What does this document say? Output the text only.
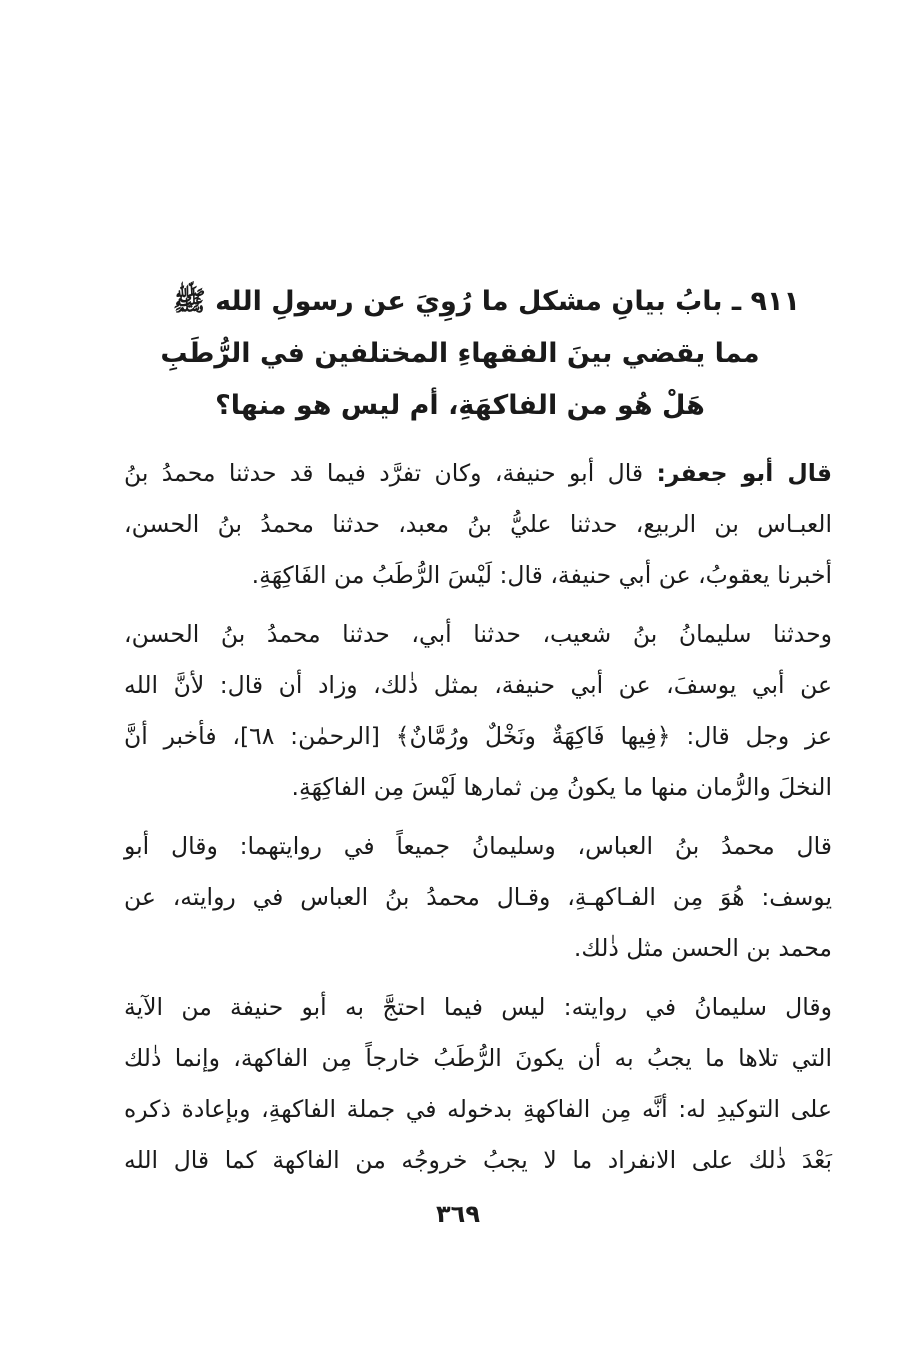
٩١١ ـ بابُ بيانِ مشكل ما رُوِيَ عن رسولِ الله ﷺ
مما يقضي بينَ الفقهاءِ المختلفين في الرُّطَبِ
هَلْ هُو من الفاكهَةِ، أم ليس هو منها؟
قال أبو جعفر: قال أبو حنيفة، وكان تفرَّد فيما قد حدثنا محمدُ بنُ
العبـاس بن الربيع، حدثنا عليُّ بنُ معبد، حدثنا محمدُ بنُ الحسن،
أخبرنا يعقوبُ، عن أبي حنيفة، قال: لَيْسَ الرُّطَبُ من الفَاكِهَةِ.
وحدثنا سليمانُ بنُ شعيب، حدثنا أبي، حدثنا محمدُ بنُ الحسن،
عن أبي يوسفَ، عن أبي حنيفة، بمثل ذٰلك، وزاد أن قال: لأنَّ الله
عز وجل قال: ﴿فِيها فَاكِهَةٌ ونَخْلٌ ورُمَّانٌ﴾ [الرحمٰن: ٦٨]، فأخبر أنَّ
النخلَ والرُّمان منها ما يكونُ مِن ثمارها لَيْسَ مِن الفاكِهَةِ.
قال محمدُ بنُ العباس، وسليمانُ جميعاً في روايتهما: وقال أبو
يوسف: هُوَ مِن الفـاكهـةِ، وقـال محمدُ بنُ العباس في روايته، عن
محمد بن الحسن مثل ذٰلك.
وقال سليمانُ في روايته: ليس فيما احتجَّ به أبو حنيفة من الآية
التي تلاها ما يجبُ به أن يكونَ الرُّطَبُ خارجاً مِن الفاكهة، وإنما ذٰلك
على التوكيدِ له: أنَّه مِن الفاكهةِ بدخوله في جملة الفاكهةِ، وبإعادة ذكره
بَعْدَ ذٰلك على الانفراد ما لا يجبُ خروجُه من الفاكهة كما قال الله
٣٦٩
